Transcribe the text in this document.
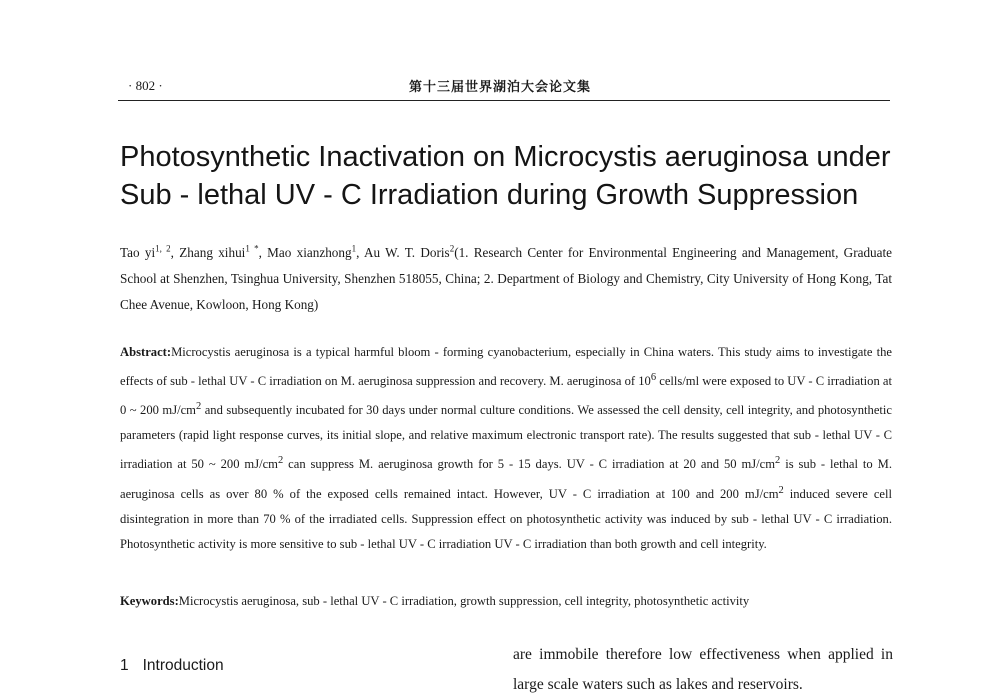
· 802 ·	第十三届世界湖泊大会论文集
Photosynthetic Inactivation on Microcystis aeruginosa under
Sub - lethal UV - C Irradiation during Growth Suppression

Tao yi$^{1, 2}$, Zhang xihui$^{1 *}$, Mao xianzhong$^1$, Au W. T. Doris$^2$(1. Research Center for Environmental Engineering and Management, Graduate School at Shenzhen, Tsinghua University, Shenzhen 518055, China; 2. Department of Biology and Chemistry, City University of Hong Kong, Tat Chee Avenue, Kowloon, Hong Kong)

Abstract:Microcystis aeruginosa is a typical harmful bloom - forming cyanobacterium, especially in China waters. This study aims to investigate the effects of sub - lethal UV - C irradiation on M. aeruginosa suppression and recovery. M. aeruginosa of $10^6$ cells/ml were exposed to UV - C irradiation at 0 ~ 200 $mJ/cm^2$ and subsequently incubated for 30 days under normal culture conditions. We assessed the cell density, cell integrity, and photosynthetic parameters (rapid light response curves, its initial slope, and relative maximum electronic transport rate). The results suggested that sub - lethal UV - C irradiation at 50 ~ 200 $mJ/cm^2$ can suppress M. aeruginosa growth for 5 - 15 days. UV - C irradiation at 20 and 50 $mJ/cm^2$ is sub - lethal to M. aeruginosa cells as over 80 % of the exposed cells remained intact. However, UV - C irradiation at 100 and 200 $mJ/cm^2$ induced severe cell disintegration in more than 70 % of the irradiated cells. Suppression effect on photosynthetic activity was induced by sub - lethal UV - C irradiation. Photosynthetic activity is more sensitive to sub - lethal UV - C irradiation UV - C irradiation than both growth and cell integrity.

Keywords:Microcystis aeruginosa, sub - lethal UV - C irradiation, growth suppression, cell integrity, photosynthetic activity

1 Introduction

are immobile therefore low effectiveness when applied in large scale waters such as lakes and reservoirs.
